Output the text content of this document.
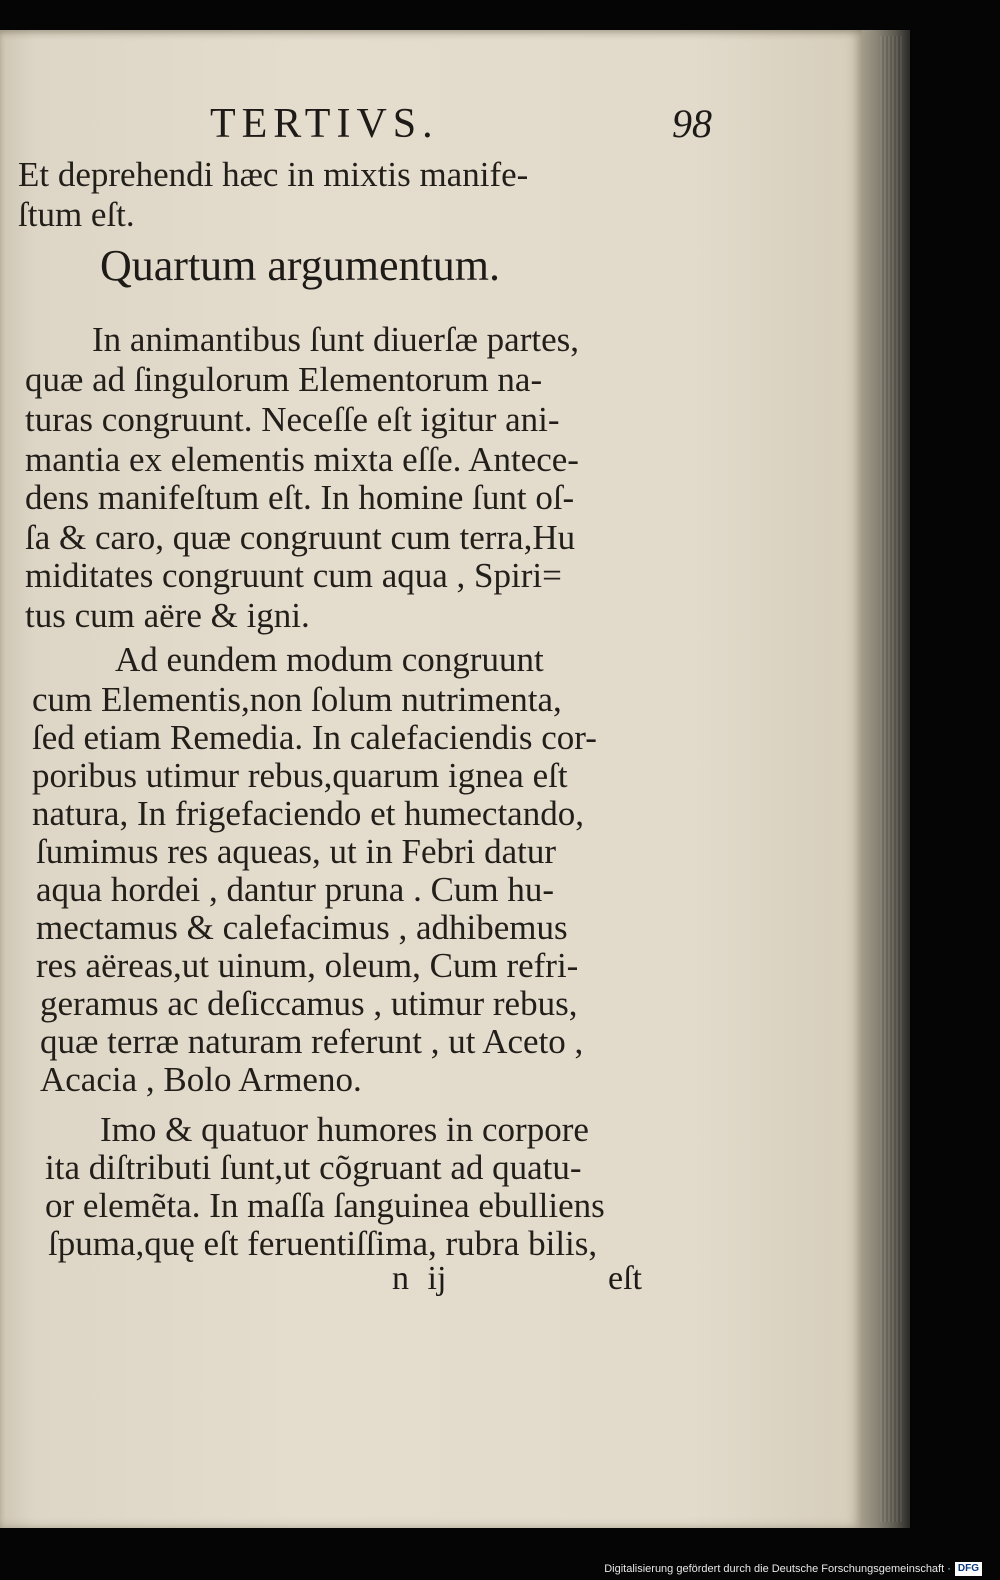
TERTIVS.	98
Et deprehendi hæc in mixtis manife-
ſtum eſt.
Quartum argumentum.
In animantibus ſunt diuerſæ partes,
quæ ad ſingulorum Elementorum na-
turas congruunt. Neceſſe eſt igitur ani-
mantia ex elementis mixta eſſe. Antece-
dens manifeſtum eſt. In homine ſunt oſ-
ſa & caro, quæ congruunt cum terra,Hu
miditates congruunt cum aqua , Spiri=
tus cum aëre & igni.
Ad eundem modum congruunt
cum Elementis,non ſolum nutrimenta,
ſed etiam Remedia. In calefaciendis cor-
poribus utimur rebus,quarum ignea eſt
natura, In frigefaciendo et humectando,
ſumimus res aqueas, ut in Febri datur
aqua hordei , dantur pruna . Cum hu-
mectamus & calefacimus , adhibemus
res aëreas,ut uinum, oleum, Cum refri-
geramus ac deſiccamus , utimur rebus,
quæ terræ naturam referunt , ut Aceto ,
Acacia , Bolo Armeno.
Imo & quatuor humores in corpore
ita diſtributi ſunt,ut cõgruant ad quatu-
or elemẽta. In maſſa ſanguinea ebulliens
ſpuma,quę eſt feruentiſſima, rubra bilis,
n ij	eſt
Digitalisierung gefördert durch die Deutsche Forschungsgemeinschaft · DFG
